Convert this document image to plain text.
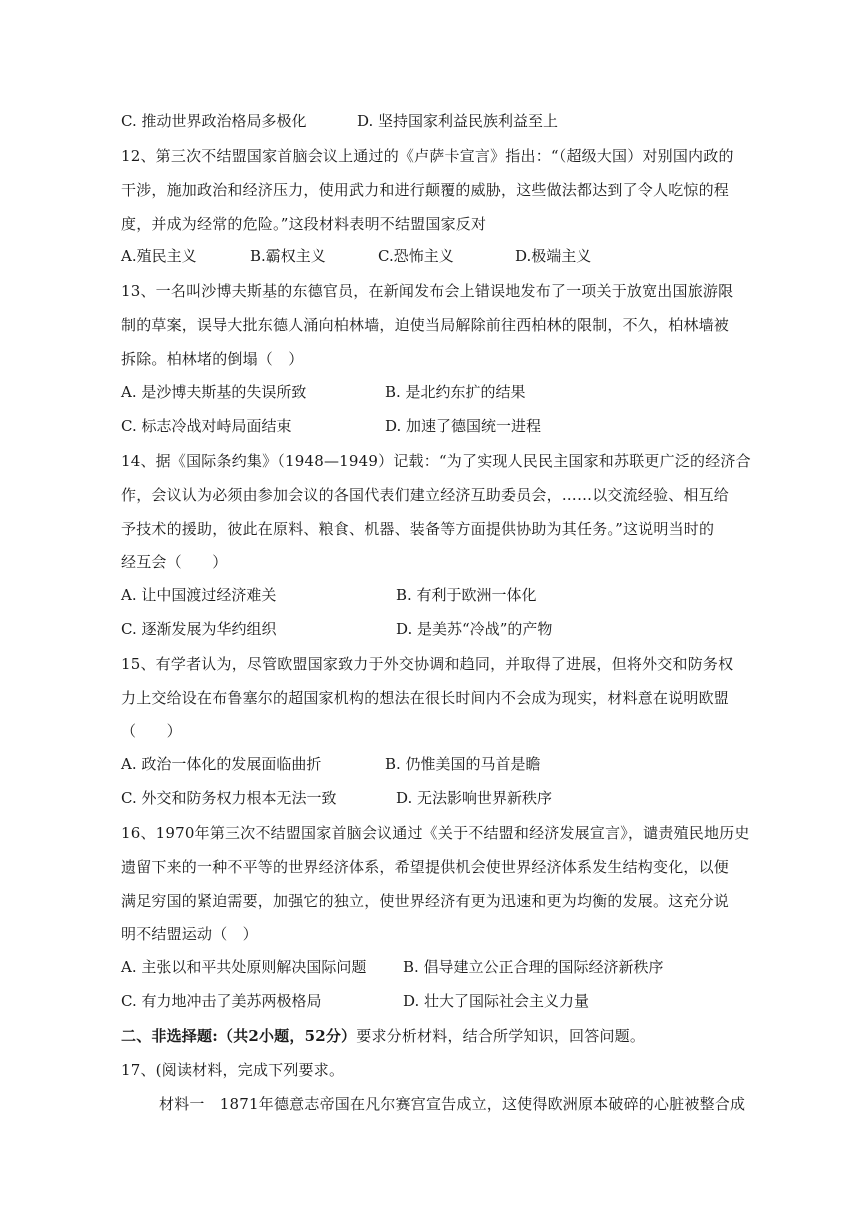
C. 推动世界政治格局多极化	D. 坚持国家利益民族利益至上
12、第三次不结盟国家首脑会议上通过的《卢萨卡宣言》指出：“（超级大国）对别国内政的
干涉，施加政治和经济压力，使用武力和进行颠覆的威胁，这些做法都达到了令人吃惊的程
度，并成为经常的危险。”这段材料表明不结盟国家反对
A.殖民主义	B.霸权主义	C.恐怖主义	D.极端主义
13、一名叫沙博夫斯基的东德官员，在新闻发布会上错误地发布了一项关于放宽出国旅游限
制的草案，误导大批东德人涌向柏林墙，迫使当局解除前往西柏林的限制，不久，柏林墙被
拆除。柏林堵的倒塌（　）
A. 是沙博夫斯基的失误所致	B. 是北约东扩的结果
C. 标志冷战对峙局面结束	D. 加速了德国统一进程
14、据《国际条约集》（1948—1949）记载：“为了实现人民民主国家和苏联更广泛的经济合
作，会议认为必须由参加会议的各国代表们建立经济互助委员会，……以交流经验、相互给
予技术的援助，彼此在原料、粮食、机器、装备等方面提供协助为其任务。”这说明当时的
经互会（　　）
A. 让中国渡过经济难关	B. 有利于欧洲一体化
C. 逐渐发展为华约组织	D. 是美苏“冷战”的产物
15、有学者认为，尽管欧盟国家致力于外交协调和趋同，并取得了进展，但将外交和防务权
力上交给设在布鲁塞尔的超国家机构的想法在很长时间内不会成为现实，材料意在说明欧盟
（　　）
A. 政治一体化的发展面临曲折	B. 仍惟美国的马首是瞻
C. 外交和防务权力根本无法一致	D. 无法影响世界新秩序
16、1970年第三次不结盟国家首脑会议通过《关于不结盟和经济发展宣言》，谴责殖民地历史
遗留下来的一种不平等的世界经济体系，希望提供机会使世界经济体系发生结构变化，以便
满足穷国的紧迫需要，加强它的独立，使世界经济有更为迅速和更为均衡的发展。这充分说
明不结盟运动（　）
A. 主张以和平共处原则解决国际问题 B. 倡导建立公正合理的国际经济新秩序
C. 有力地冲击了美苏两极格局	D. 壮大了国际社会主义力量
二、非选择题:（共2小题，52分）要求分析材料，结合所学知识，回答问题。
17、(阅读材料，完成下列要求。
材料一　1871年德意志帝国在凡尔赛宫宣告成立，这使得欧洲原本破碎的心脏被整合成
